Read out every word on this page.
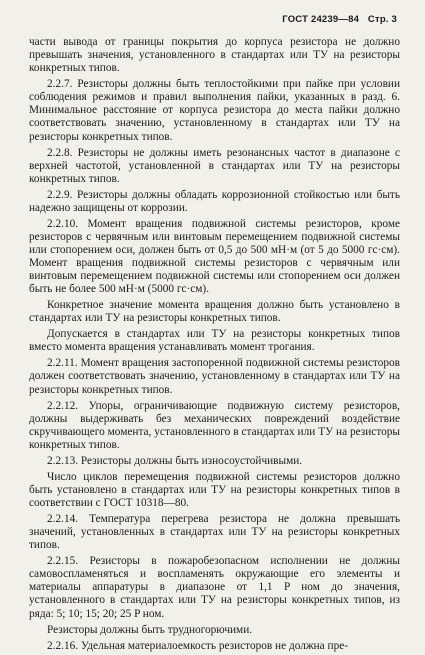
ГОСТ 24239—84 Стр. 3

части вывода от границы покрытия до корпуса резистора не должно превышать значения, установленного в стандартах или ТУ на резисторы конкретных типов.

2.2.7. Резисторы должны быть теплостойкими при пайке при условии соблюдения режимов и правил выполнения пайки, указанных в разд. 6. Минимальное расстояние от корпуса резистора до места пайки должно соответствовать значению, установленному в стандартах или ТУ на резисторы конкретных типов.

2.2.8. Резисторы не должны иметь резонансных частот в диапазоне с верхней частотой, установленной в стандартах или ТУ на резисторы конкретных типов.

2.2.9. Резисторы должны обладать коррозионной стойкостью или быть надежно защищены от коррозии.

2.2.10. Момент вращения подвижной системы резисторов, кроме резисторов с червячным или винтовым перемещением подвижной системы или стопорением оси, должен быть от 0,5 до 500 мН·м (от 5 до 5000 гс·см). Момент вращения подвижной системы резисторов с червячным или винтовым перемещением подвижной системы или стопорением оси должен быть не более 500 мН·м (5000 гс·см).

Конкретное значение момента вращения должно быть установлено в стандартах или ТУ на резисторы конкретных типов.

Допускается в стандартах или ТУ на резисторы конкретных типов вместо момента вращения устанавливать момент трогания.

2.2.11. Момент вращения застопоренной подвижной системы резисторов должен соответствовать значению, установленному в стандартах или ТУ на резисторы конкретных типов.

2.2.12. Упоры, ограничивающие подвижную систему резисторов, должны выдерживать без механических повреждений воздействие скручивающего момента, установленного в стандартах или ТУ на резисторы конкретных типов.

2.2.13. Резисторы должны быть износоустойчивыми.

Число циклов перемещения подвижной системы резисторов должно быть установлено в стандартах или ТУ на резисторы конкретных типов в соответствии с ГОСТ 10318—80.

2.2.14. Температура перегрева резистора не должна превышать значений, установленных в стандартах или ТУ на резисторы конкретных типов.

2.2.15. Резисторы в пожаробезопасном исполнении не должны самовоспламеняться и воспламенять окружающие его элементы и материалы аппаратуры в диапазоне от 1,1 P ном до значения, установленного в стандартах или ТУ на резисторы конкретных типов, из ряда: 5; 10; 15; 20; 25 P ном.

Резисторы должны быть трудногорючими.

2.2.16. Удельная материалоемкость резисторов не должна пре-
